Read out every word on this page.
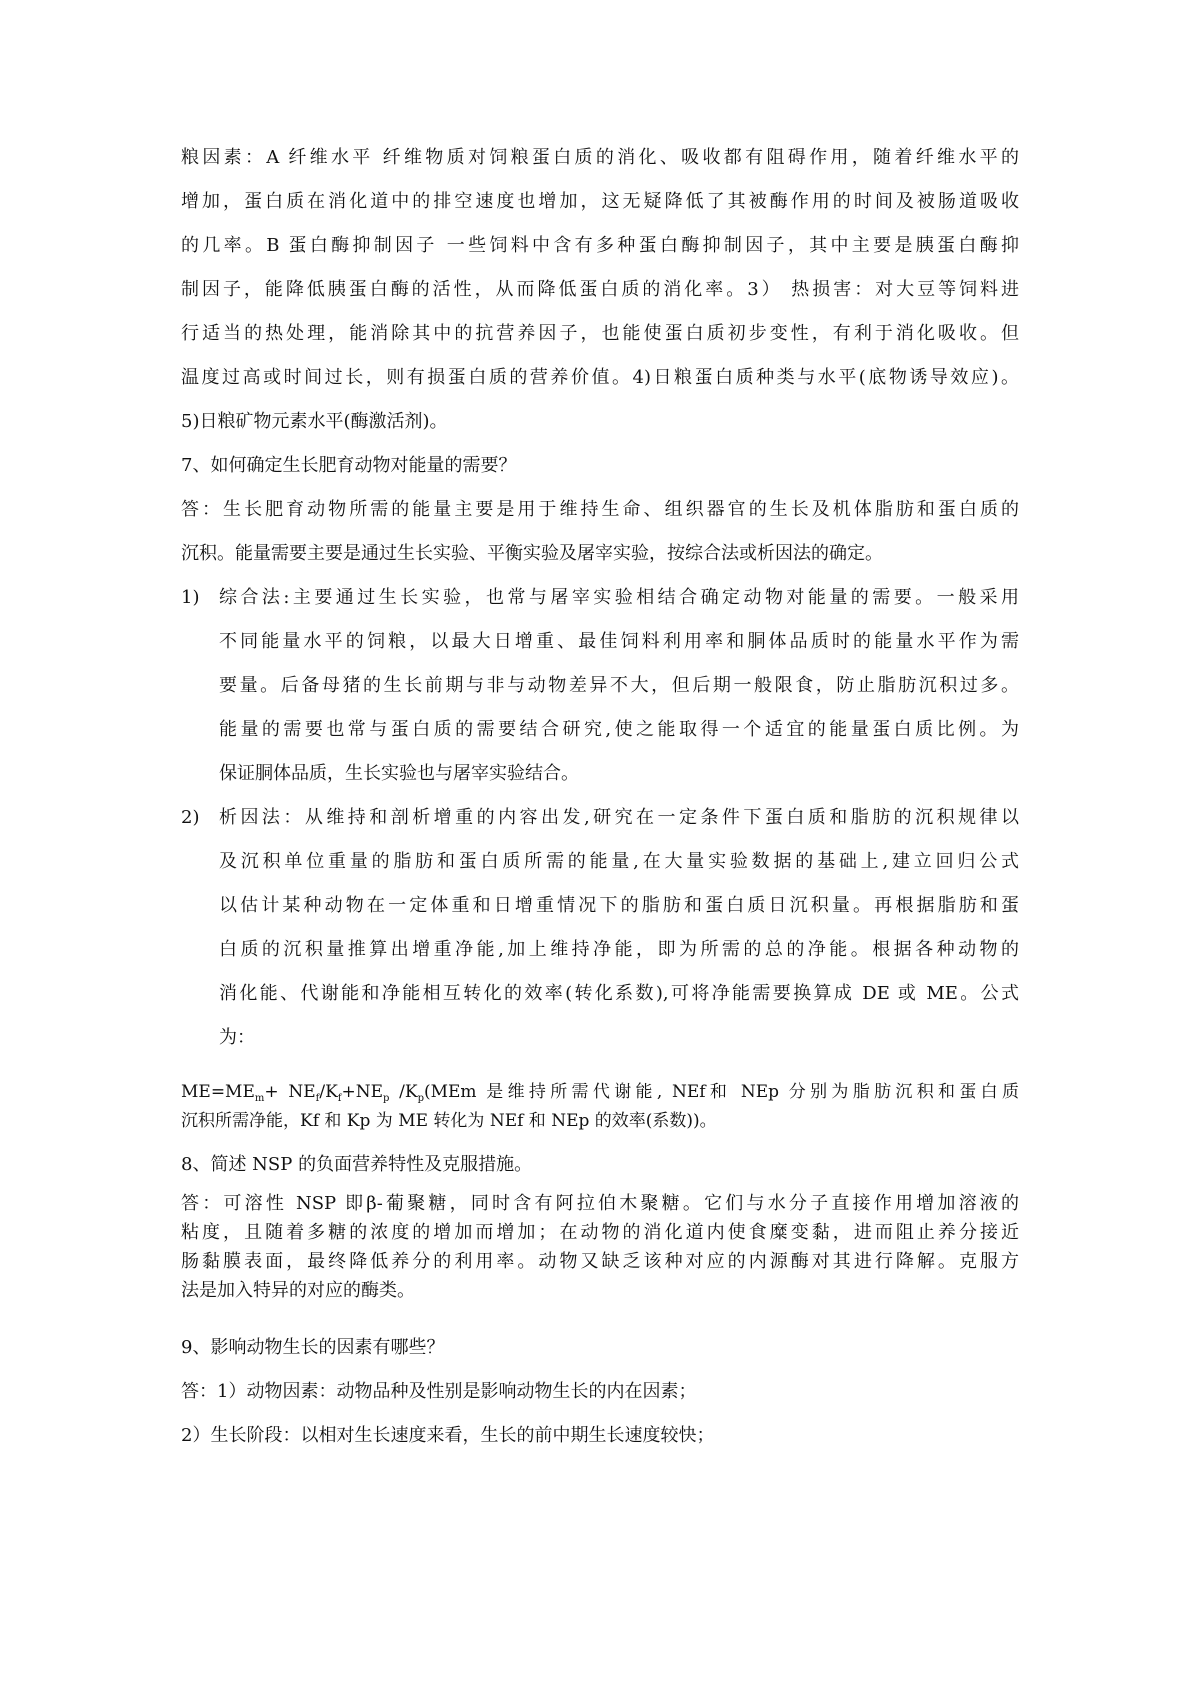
粮因素：A 纤维水平 纤维物质对饲粮蛋白质的消化、吸收都有阻碍作用，随着纤维水平的
增加，蛋白质在消化道中的排空速度也增加，这无疑降低了其被酶作用的时间及被肠道吸收
的几率。B 蛋白酶抑制因子 一些饲料中含有多种蛋白酶抑制因子，其中主要是胰蛋白酶抑
制因子，能降低胰蛋白酶的活性，从而降低蛋白质的消化率。3） 热损害：对大豆等饲料进
行适当的热处理，能消除其中的抗营养因子，也能使蛋白质初步变性，有利于消化吸收。但
温度过高或时间过长，则有损蛋白质的营养价值。4)日粮蛋白质种类与水平(底物诱导效应)。
5)日粮矿物元素水平(酶激活剂)。
7、如何确定生长肥育动物对能量的需要？
答：生长肥育动物所需的能量主要是用于维持生命、组织器官的生长及机体脂肪和蛋白质的
沉积。能量需要主要是通过生长实验、平衡实验及屠宰实验，按综合法或析因法的确定。
1)	综合法:主要通过生长实验，也常与屠宰实验相结合确定动物对能量的需要。一般采用
不同能量水平的饲粮，以最大日增重、最佳饲料利用率和胴体品质时的能量水平作为需
要量。后备母猪的生长前期与非与动物差异不大，但后期一般限食，防止脂肪沉积过多。
能量的需要也常与蛋白质的需要结合研究,使之能取得一个适宜的能量蛋白质比例。为
保证胴体品质，生长实验也与屠宰实验结合。
2)	析因法：从维持和剖析增重的内容出发,研究在一定条件下蛋白质和脂肪的沉积规律以
及沉积单位重量的脂肪和蛋白质所需的能量,在大量实验数据的基础上,建立回归公式
以估计某种动物在一定体重和日增重情况下的脂肪和蛋白质日沉积量。再根据脂肪和蛋
白质的沉积量推算出增重净能,加上维持净能，即为所需的总的净能。根据各种动物的
消化能、代谢能和净能相互转化的效率(转化系数),可将净能需要换算成 DE 或 ME。公式
为：
$ME=ME_m+ NE_f/K_f+NE_p$ $/K_p(MEm$ 是维持所需代谢能, NEf和 NEp 分别为脂肪沉积和蛋白质
沉积所需净能，Kf 和 Kp 为 ME 转化为 NEf 和 NEp 的效率(系数))。
8、简述 NSP 的负面营养特性及克服措施。
答：可溶性 NSP 即β-葡聚糖，同时含有阿拉伯木聚糖。它们与水分子直接作用增加溶液的
粘度，且随着多糖的浓度的增加而增加；在动物的消化道内使食糜变黏，进而阻止养分接近
肠黏膜表面，最终降低养分的利用率。动物又缺乏该种对应的内源酶对其进行降解。克服方
法是加入特异的对应的酶类。
9、影响动物生长的因素有哪些？
答：1）动物因素：动物品种及性别是影响动物生长的内在因素；
2）生长阶段：以相对生长速度来看，生长的前中期生长速度较快；
